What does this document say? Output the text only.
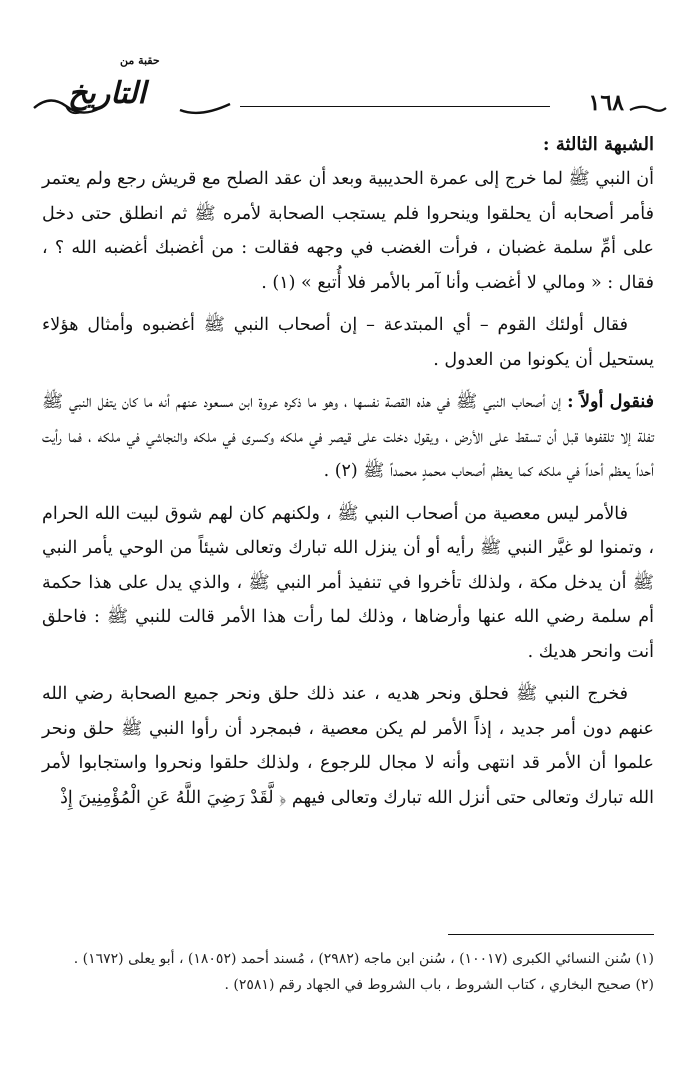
١٦٨
حقبة من
التاريخ

الشبهة الثالثة :

أن النبي ﷺ لما خرج إلى عمرة الحديبية وبعد أن عقد الصلح مع قريش رجع ولم يعتمر فأمر أصحابه أن يحلقوا وينحروا فلم يستجب الصحابة لأمره ﷺ ثم انطلق حتى دخل على أمِّ سلمة غضبان ، فرأت الغضب في وجهه فقالت : من أغضبك أغضبه الله ؟ ، فقال : « ومالي لا أغضب وأنا آمر بالأمر فلا أُتبع » (١) .

فقال أولئك القوم – أي المبتدعة – إن أصحاب النبي ﷺ أغضبوه وأمثال هؤلاء يستحيل أن يكونوا من العدول .

فنقول أولاً : إن أصحاب النبي ﷺ في هذه القصة نفسها ، وهو ما ذكره عروة ابن مسعود عنهم أنه ما كان يتفل النبي ﷺ تفلة إلا تلقفوها قبل أن تسقط على الأرض ، ويقول دخلت على قيصر في ملكه وكسرى في ملكه والنجاشي في ملكه ، فما رأيت أحداً يعظم أحداً في ملكه كما يعظم أصحاب محمدٍ محمداً ﷺ (٢) .

فالأمر ليس معصية من أصحاب النبي ﷺ ، ولكنهم كان لهم شوق لبيت الله الحرام ، وتمنوا لو غيَّر النبي ﷺ رأيه أو أن ينزل الله تبارك وتعالى شيئاً من الوحي يأمر النبي ﷺ أن يدخل مكة ، ولذلك تأخروا في تنفيذ أمر النبي ﷺ ، والذي يدل على هذا حكمة أم سلمة رضي الله عنها وأرضاها ، وذلك لما رأت هذا الأمر قالت للنبي ﷺ : فاحلق أنت وانحر هديك .

فخرج النبي ﷺ فحلق ونحر هديه ، عند ذلك حلق ونحر جميع الصحابة رضي الله عنهم دون أمر جديد ، إذاً الأمر لم يكن معصية ، فبمجرد أن رأوا النبي ﷺ حلق ونحر علموا أن الأمر قد انتهى وأنه لا مجال للرجوع ، ولذلك حلقوا ونحروا واستجابوا لأمر الله تبارك وتعالى حتى أنزل الله تبارك وتعالى فيهم ﴿ لَّقَدْ رَضِيَ اللَّهُ عَنِ الْمُؤْمِنِينَ إِذْ

(١) سُنن النسائي الكبرى (١٠٠١٧) ، سُنن ابن ماجه (٢٩٨٢) ، مُسند أحمد (١٨٠٥٢) ، أبو يعلى (١٦٧٢) .

(٢) صحيح البخاري ، كتاب الشروط ، باب الشروط في الجهاد رقم (٢٥٨١) .
